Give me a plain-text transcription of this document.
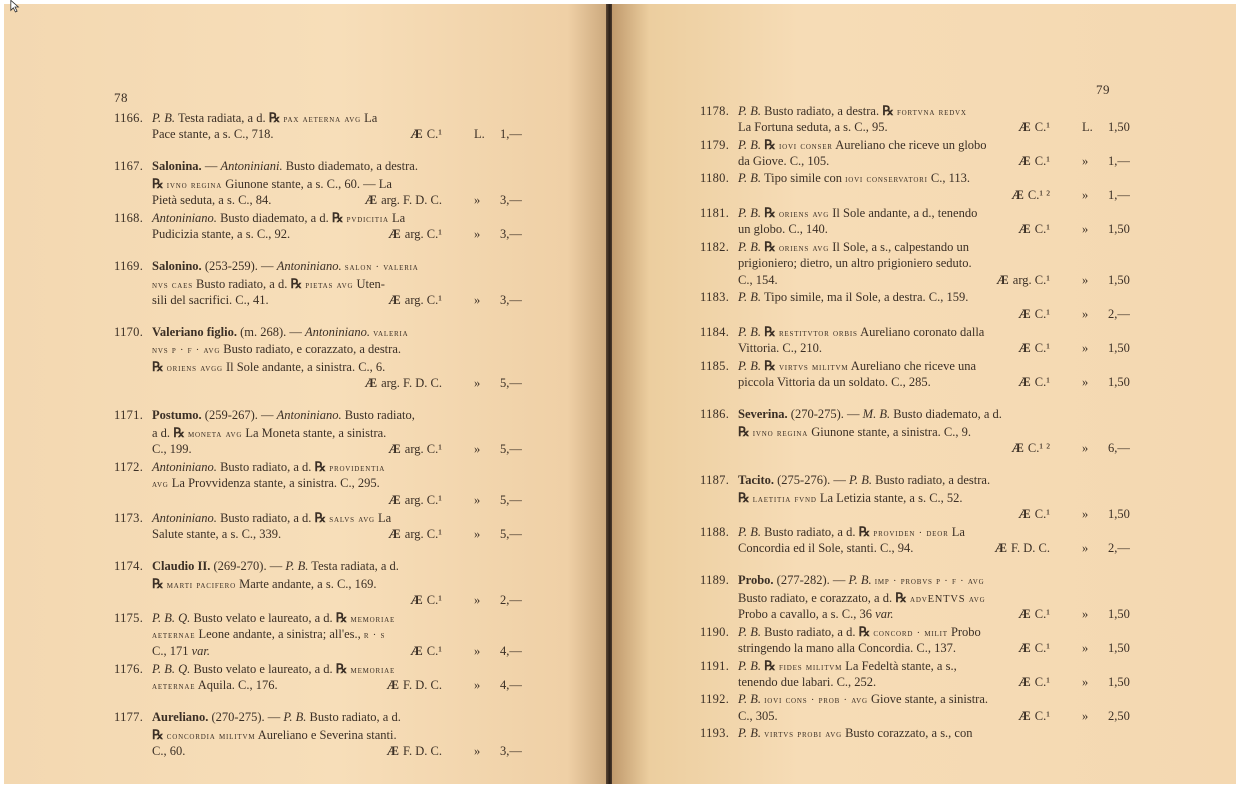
78
1166. P. B. Testa radiata, a d. ℞ pax aeterna avg La
Pace stante, a s. C., 718.	Æ C.¹	L. 1,—
1167. Salonina. — Antoniniani. Busto diademato, a destra.
℞ ivno regina Giunone stante, a s. C., 60. — La
Pietà seduta, a s. C., 84.	Æ arg. F. D. C.	» 3,—
1168. Antoniniano. Busto diademato, a d. ℞ pvdicitia La
Pudicizia stante, a s. C., 92.	Æ arg. C.¹	» 3,—
1169. Salonino. (253-259). — Antoniniano. salon · valeria
nvs caes Busto radiato, a d. ℞ pietas avg Uten-
sili del sacrifici. C., 41.	Æ arg. C.¹	» 3,—
1170. Valeriano figlio. (m. 268). — Antoniniano. valeria
nvs p · f · avg Busto radiato, e corazzato, a destra.
℞ oriens avgg Il Sole andante, a sinistra. C., 6.
Æ arg. F. D. C.	» 5,—
1171. Postumo. (259-267). — Antoniniano. Busto radiato,
a d. ℞ moneta avg La Moneta stante, a sinistra.
C., 199.	Æ arg. C.¹	» 5,—
1172. Antoniniano. Busto radiato, a d. ℞ providentia
avg La Provvidenza stante, a sinistra. C., 295.
Æ arg. C.¹	» 5,—
1173. Antoniniano. Busto radiato, a d. ℞ salvs avg La
Salute stante, a s. C., 339.	Æ arg. C.¹	» 5,—
1174. Claudio II. (269-270). — P. B. Testa radiata, a d.
℞ marti pacifero Marte andante, a s. C., 169.
Æ C.¹	» 2,—
1175. P. B. Q. Busto velato e laureato, a d. ℞ memoriae
aeternae Leone andante, a sinistra; all'es., r · s
C., 171 var.	Æ C.¹	» 4,—
1176. P. B. Q. Busto velato e laureato, a d. ℞ memoriae
aeternae Aquila. C., 176.	Æ F. D. C.	» 4,—
1177. Aureliano. (270-275). — P. B. Busto radiato, a d.
℞ concordia militvm Aureliano e Severina stanti.
C., 60.	Æ F. D. C.	» 3,—
79
1178. P. B. Busto radiato, a destra. ℞ fortvna redvx
La Fortuna seduta, a s. C., 95.	Æ C.¹	L. 1,50
1179. P. B. ℞ iovi conser Aureliano che riceve un globo
da Giove. C., 105.	Æ C.¹	» 1,—
1180. P. B. Tipo simile con iovi conservatori C., 113.
Æ C.¹ ²	» 1,—
1181. P. B. ℞ oriens avg Il Sole andante, a d., tenendo
un globo. C., 140.	Æ C.¹	» 1,50
1182. P. B. ℞ oriens avg Il Sole, a s., calpestando un
prigioniero; dietro, un altro prigioniero seduto.
C., 154.	Æ arg. C.¹	» 1,50
1183. P. B. Tipo simile, ma il Sole, a destra. C., 159.
Æ C.¹	» 2,—
1184. P. B. ℞ restitvtor orbis Aureliano coronato dalla
Vittoria. C., 210.	Æ C.¹	» 1,50
1185. P. B. ℞ virtvs militvm Aureliano che riceve una
piccola Vittoria da un soldato. C., 285.	Æ C.¹	» 1,50
1186. Severina. (270-275). — M. B. Busto diademato, a d.
℞ ivno regina Giunone stante, a sinistra. C., 9.
Æ C.¹ ²	» 6,—
1187. Tacito. (275-276). — P. B. Busto radiato, a destra.
℞ laetitia fvnd La Letizia stante, a s. C., 52.
Æ C.¹	» 1,50
1188. P. B. Busto radiato, a d. ℞ providen · deor La
Concordia ed il Sole, stanti. C., 94.	Æ F. D. C.	» 2,—
1189. Probo. (277-282). — P. B. imp · probvs p · f · avg
Busto radiato, e corazzato, a d. ℞ advENTVS avg
Probo a cavallo, a s. C., 36 var.	Æ C.¹	» 1,50
1190. P. B. Busto radiato, a d. ℞ concord · milit Probo
stringendo la mano alla Concordia. C., 137.	Æ C.¹	» 1,50
1191. P. B. ℞ fides militvm La Fedeltà stante, a s.,
tenendo due labari. C., 252.	Æ C.¹	» 1,50
1192. P. B. iovi cons · prob · avg Giove stante, a sinistra.
C., 305.	Æ C.¹	» 2,50
1193. P. B. virtvs probi avg Busto corazzato, a s., con
